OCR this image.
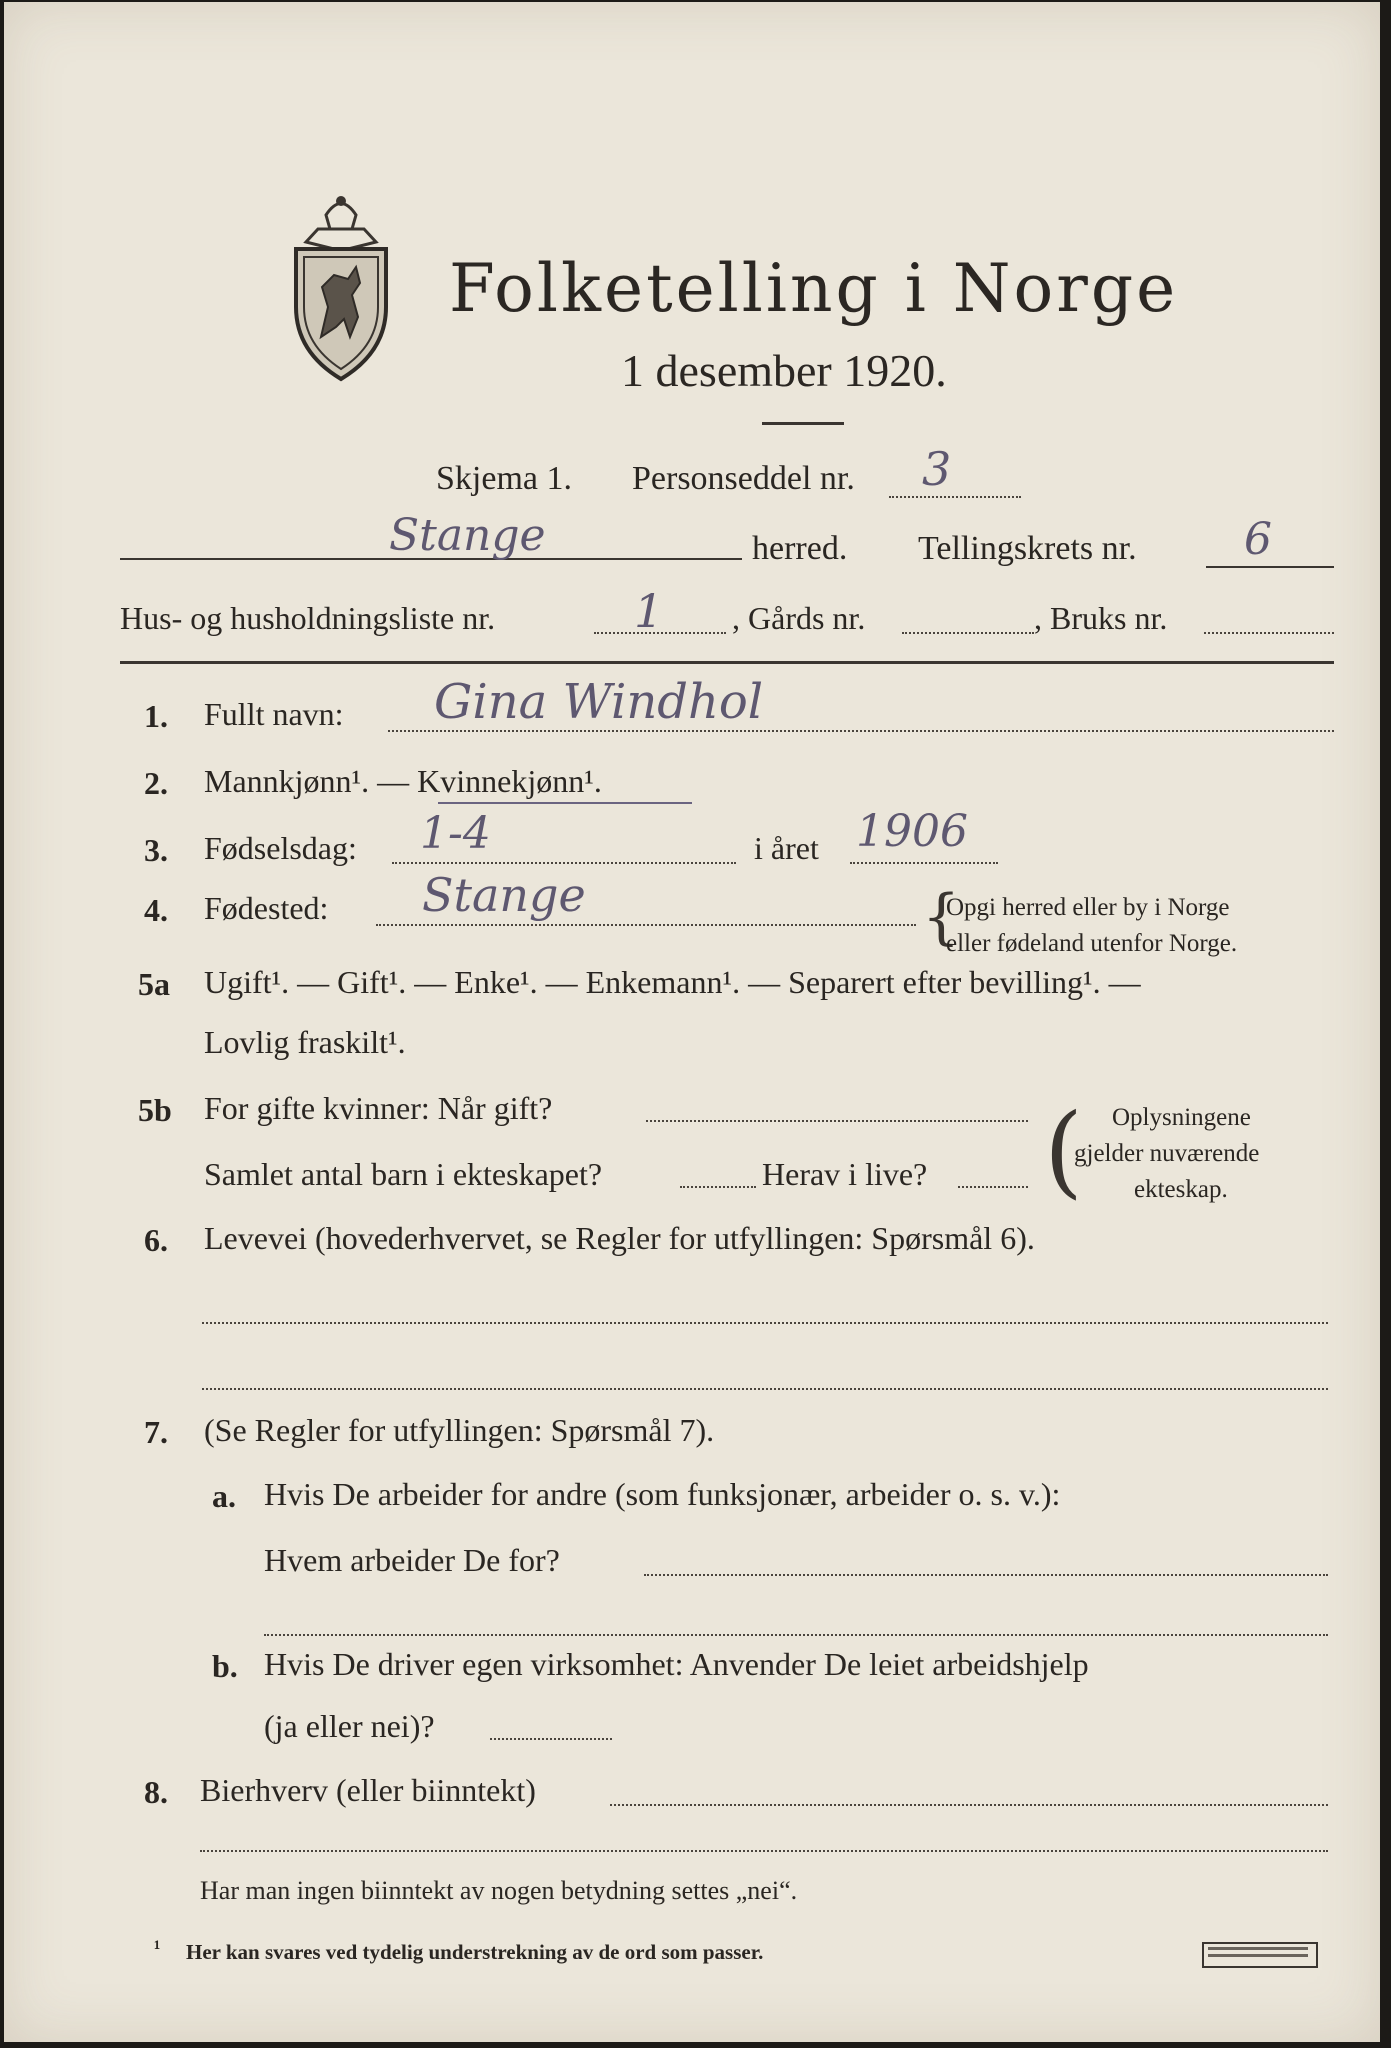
Folketelling i Norge
1 desember 1920.
Skjema 1. Personseddel nr. 3
Stange	herred. Tellingskrets nr. 6
Hus- og husholdningsliste nr.	1 , Gårds nr.	, Bruks nr.
1. Fullt navn: Gina Windhol
2. Mannkjønn¹. — Kvinnekjønn¹.
3. Fødselsdag: 1-4	i året 1906
4. Fødested: Stange	{
Opgi herred eller by i Norge
eller fødeland utenfor Norge.
5a Ugift¹. — Gift¹. — Enke¹. — Enkemann¹. — Separert efter bevilling¹. —
Lovlig fraskilt¹.
5b For gifte kvinner: Når gift?
Samlet antal barn i ekteskapet?	Herav i live? ( Oplysningene
gjelder nuværende
ekteskap.
6. Levevei (hovederhvervet, se Regler for utfyllingen: Spørsmål 6).
7. (Se Regler for utfyllingen: Spørsmål 7).
a. Hvis De arbeider for andre (som funksjonær, arbeider o. s. v.):
Hvem arbeider De for?
b. Hvis De driver egen virksomhet: Anvender De leiet arbeidshjelp
(ja eller nei)?
8. Bierhverv (eller biinntekt)
Har man ingen biinntekt av nogen betydning settes „nei“.
¹ Her kan svares ved tydelig understrekning av de ord som passer.
